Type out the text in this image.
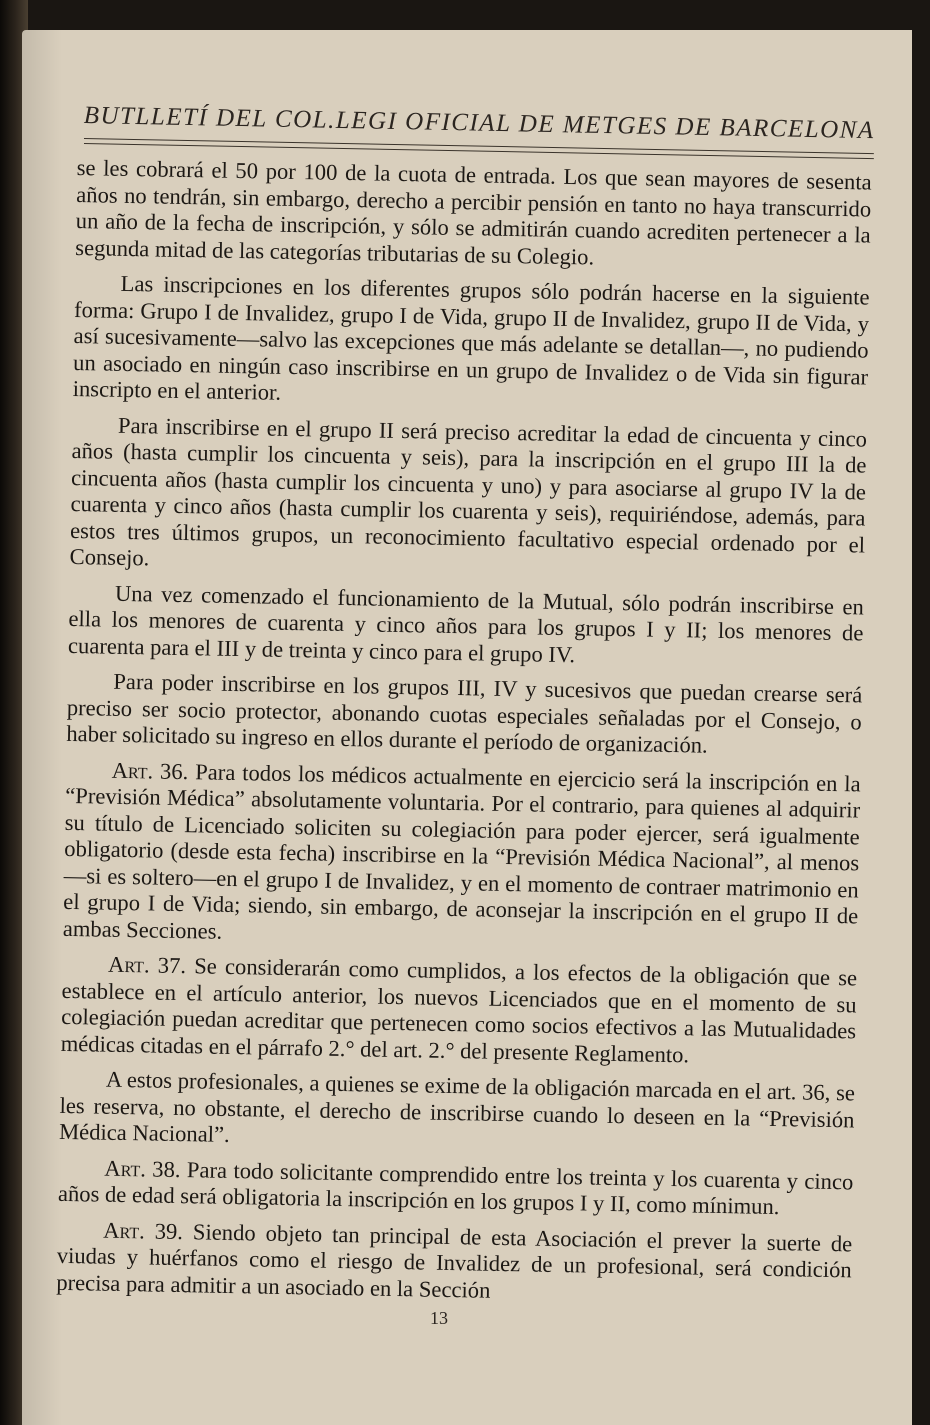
BUTLLETÍ DEL COL.LEGI OFICIAL DE METGES DE BARCELONA

se les cobrará el 50 por 100 de la cuota de entrada. Los que sean mayores de sesenta años no tendrán, sin embargo, derecho a percibir pensión en tanto no haya transcurrido un año de la fecha de inscripción, y sólo se admitirán cuando acrediten pertenecer a la segunda mitad de las categorías tributarias de su Colegio.

Las inscripciones en los diferentes grupos sólo podrán hacerse en la siguiente forma: Grupo I de Invalidez, grupo I de Vida, grupo II de Invalidez, grupo II de Vida, y así sucesivamente—salvo las excepciones que más adelante se detallan—, no pudiendo un asociado en ningún caso inscribirse en un grupo de Invalidez o de Vida sin figurar inscripto en el anterior.

Para inscribirse en el grupo II será preciso acreditar la edad de cincuenta y cinco años (hasta cumplir los cincuenta y seis), para la inscripción en el grupo III la de cincuenta años (hasta cumplir los cincuenta y uno) y para asociarse al grupo IV la de cuarenta y cinco años (hasta cumplir los cuarenta y seis), requiriéndose, además, para estos tres últimos grupos, un reconocimiento facultativo especial ordenado por el Consejo.

Una vez comenzado el funcionamiento de la Mutual, sólo podrán inscribirse en ella los menores de cuarenta y cinco años para los grupos I y II; los menores de cuarenta para el III y de treinta y cinco para el grupo IV.

Para poder inscribirse en los grupos III, IV y sucesivos que puedan crearse será preciso ser socio protector, abonando cuotas especiales señaladas por el Consejo, o haber solicitado su ingreso en ellos durante el período de organización.

Art. 36. Para todos los médicos actualmente en ejercicio será la inscripción en la “Previsión Médica” absolutamente voluntaria. Por el contrario, para quienes al adquirir su título de Licenciado soliciten su colegiación para poder ejercer, será igualmente obligatorio (desde esta fecha) inscribirse en la “Previsión Médica Nacional”, al menos—si es soltero—en el grupo I de Invalidez, y en el momento de contraer matrimonio en el grupo I de Vida; siendo, sin embargo, de aconsejar la inscripción en el grupo II de ambas Secciones.

Art. 37. Se considerarán como cumplidos, a los efectos de la obligación que se establece en el artículo anterior, los nuevos Licenciados que en el momento de su colegiación puedan acreditar que pertenecen como socios efectivos a las Mutualidades médicas citadas en el párrafo 2.° del art. 2.° del presente Reglamento.

A estos profesionales, a quienes se exime de la obligación marcada en el art. 36, se les reserva, no obstante, el derecho de inscribirse cuando lo deseen en la “Previsión Médica Nacional”.

Art. 38. Para todo solicitante comprendido entre los treinta y los cuarenta y cinco años de edad será obligatoria la inscripción en los grupos I y II, como mínimun.

Art. 39. Siendo objeto tan principal de esta Asociación el prever la suerte de viudas y huérfanos como el riesgo de Invalidez de un profesional, será condición precisa para admitir a un asociado en la Sección

13
